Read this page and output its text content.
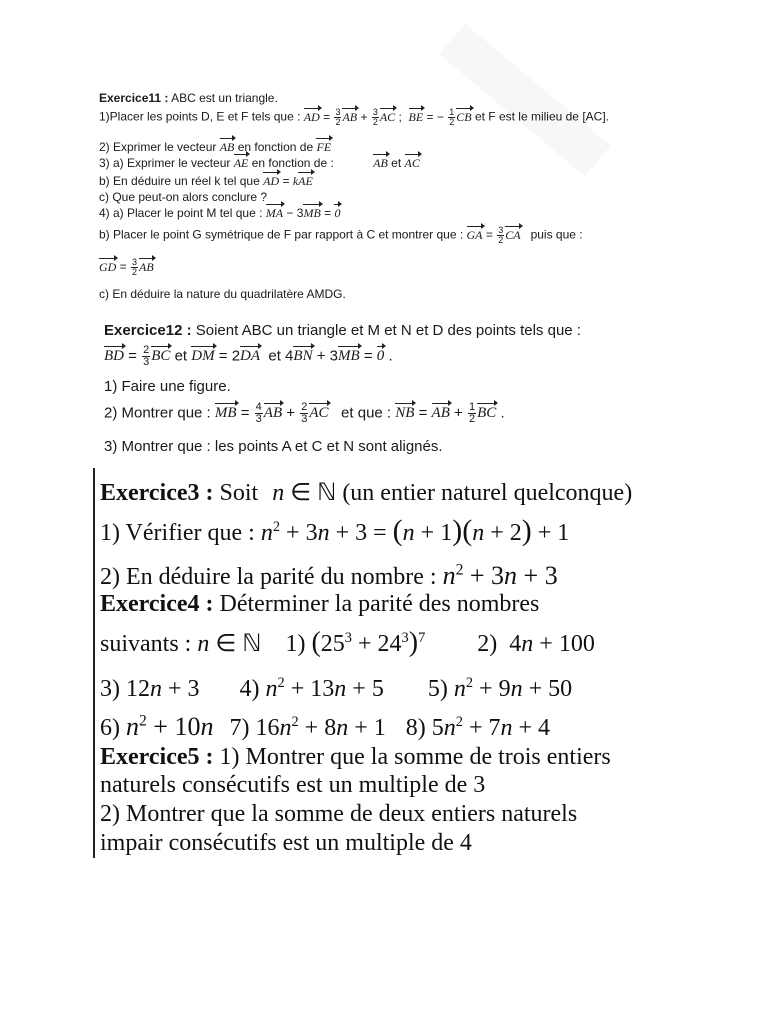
Exercice11 : ABC est un triangle.
1)Placer les points D, E et F tels que : AD = $\frac{3}{2}$ AB + $\frac{3}{2}$ AC ;  BE = − $\frac{1}{2}$ CB et F est le milieu de [AC].
2) Exprimer le vecteur AB en fonction de FE
3) a) Exprimer le vecteur AE en fonction de :	AB et AC
b) En déduire un réel k tel que AD = kAE
c) Que peut-on alors conclure ?
4) a) Placer le point M tel que : MA − 3MB = 0
b) Placer le point G symétrique de F par rapport à C et montrer que : GA = $\frac{3}{2}$ CA puis que :
GD = $\frac{3}{2}$ AB
c) En déduire la nature du quadrilatère AMDG.
Exercice12 : Soient ABC un triangle et M et N et D des points tels que :
BD = $\frac{2}{3}$ BC et DM = 2DA et 4BN + 3MB = 0 .
1) Faire une figure.
2) Montrer que : MB = $\frac{4}{3}$ AB + $\frac{2}{3}$ AC et que : NB = AB + $\frac{1}{2}$ BC .
3) Montrer que : les points A et C et N sont alignés.
Exercice3 : Soit n ∈ ℕ (un entier naturel quelconque)
1) Vérifier que : $n^2 + 3n + 3 = (n + 1)(n + 2) + 1$
2) En déduire la parité du nombre : $n^2 + 3n + 3$
Exercice4 : Déterminer la parité des nombres
suivants : n ∈ ℕ    1) $(25^3 + 24^3)^7$ 2)  4n + 100
3) 12n + 3 4) $n^2 + 13n + 5$ 5) $n^2 + 9n + 50$
6) $n^2 + 10n$ 7) $16n^2 + 8n + 1$ 8) $5n^2 + 7n + 4$
Exercice5 : 1) Montrer que la somme de trois entiers
naturels consécutifs est un multiple de 3
2) Montrer que la somme de deux entiers naturels
impair consécutifs est un multiple de 4
